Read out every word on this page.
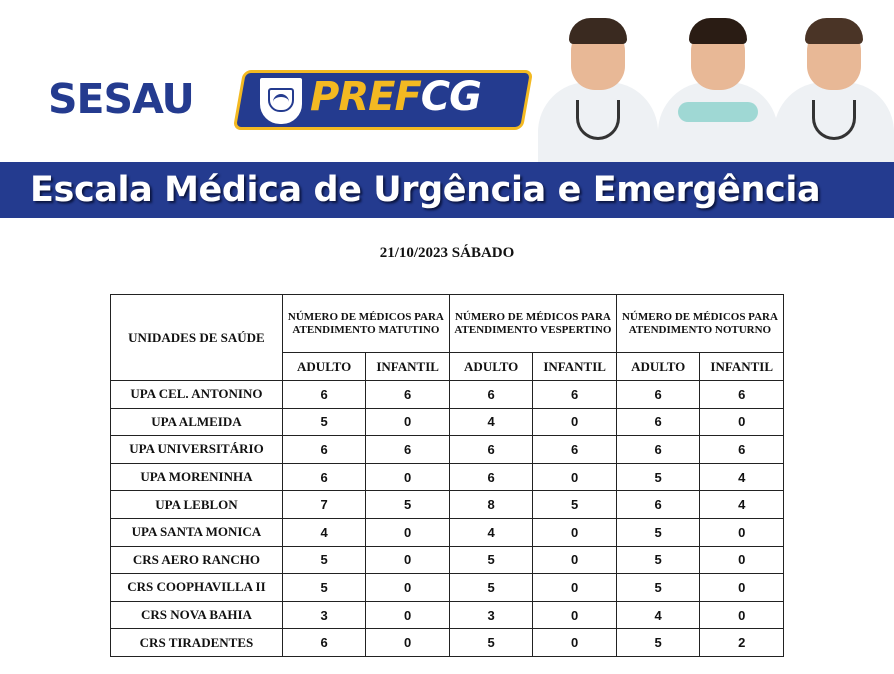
SESAU	PREFCG
Escala Médica de Urgência e Emergência
21/10/2023 SÁBADO
UNIDADES DE SAÚDE	NÚMERO DE MÉDICOS PARA ATENDIMENTO MATUTINO		NÚMERO DE MÉDICOS PARA ATENDIMENTO VESPERTINO		NÚMERO DE MÉDICOS PARA ATENDIMENTO NOTURNO	
	ADULTO	INFANTIL	ADULTO	INFANTIL	ADULTO	INFANTIL
UPA CEL. ANTONINO	6	6	6	6	6	6
UPA ALMEIDA	5	0	4	0	6	0
UPA UNIVERSITÁRIO	6	6	6	6	6	6
UPA MORENINHA	6	0	6	0	5	4
UPA LEBLON	7	5	8	5	6	4
UPA SANTA MONICA	4	0	4	0	5	0
CRS AERO RANCHO	5	0	5	0	5	0
CRS COOPHAVILLA II	5	0	5	0	5	0
CRS NOVA BAHIA	3	0	3	0	4	0
CRS TIRADENTES	6	0	5	0	5	2
